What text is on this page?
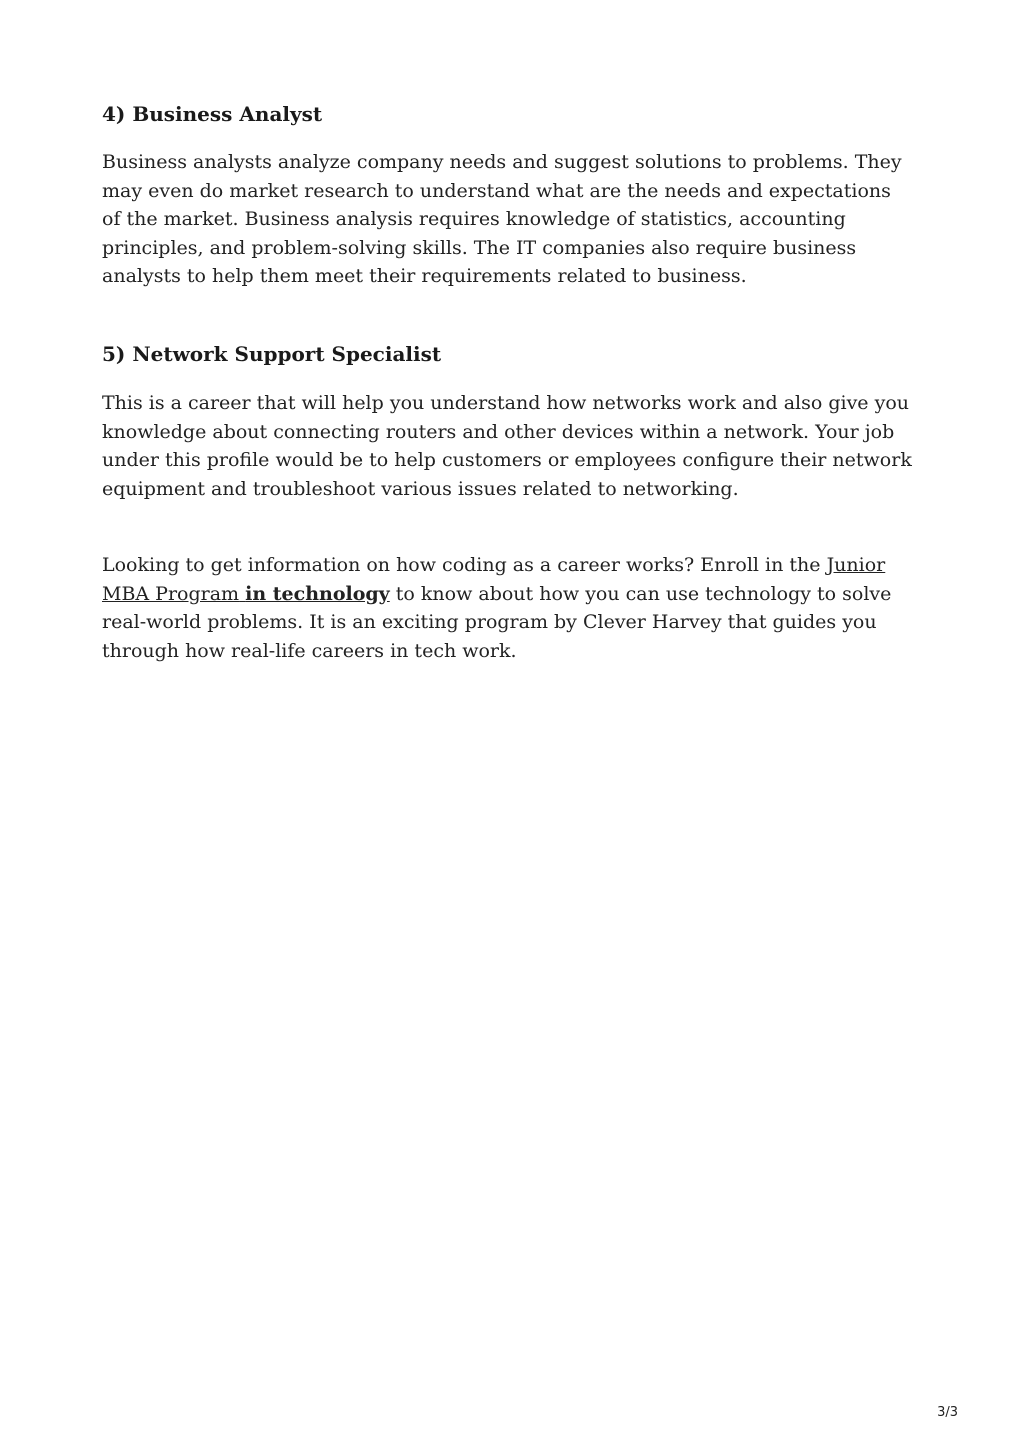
4) Business Analyst

Business analysts analyze company needs and suggest solutions to problems. They may even do market research to understand what are the needs and expectations of the market. Business analysis requires knowledge of statistics, accounting principles, and problem-solving skills. The IT companies also require business analysts to help them meet their requirements related to business.

5) Network Support Specialist

This is a career that will help you understand how networks work and also give you knowledge about connecting routers and other devices within a network. Your job under this profile would be to help customers or employees configure their network equipment and troubleshoot various issues related to networking.

Looking to get information on how coding as a career works? Enroll in the Junior MBA Program in technology to know about how you can use technology to solve real-world problems. It is an exciting program by Clever Harvey that guides you through how real-life careers in tech work.

3/3
